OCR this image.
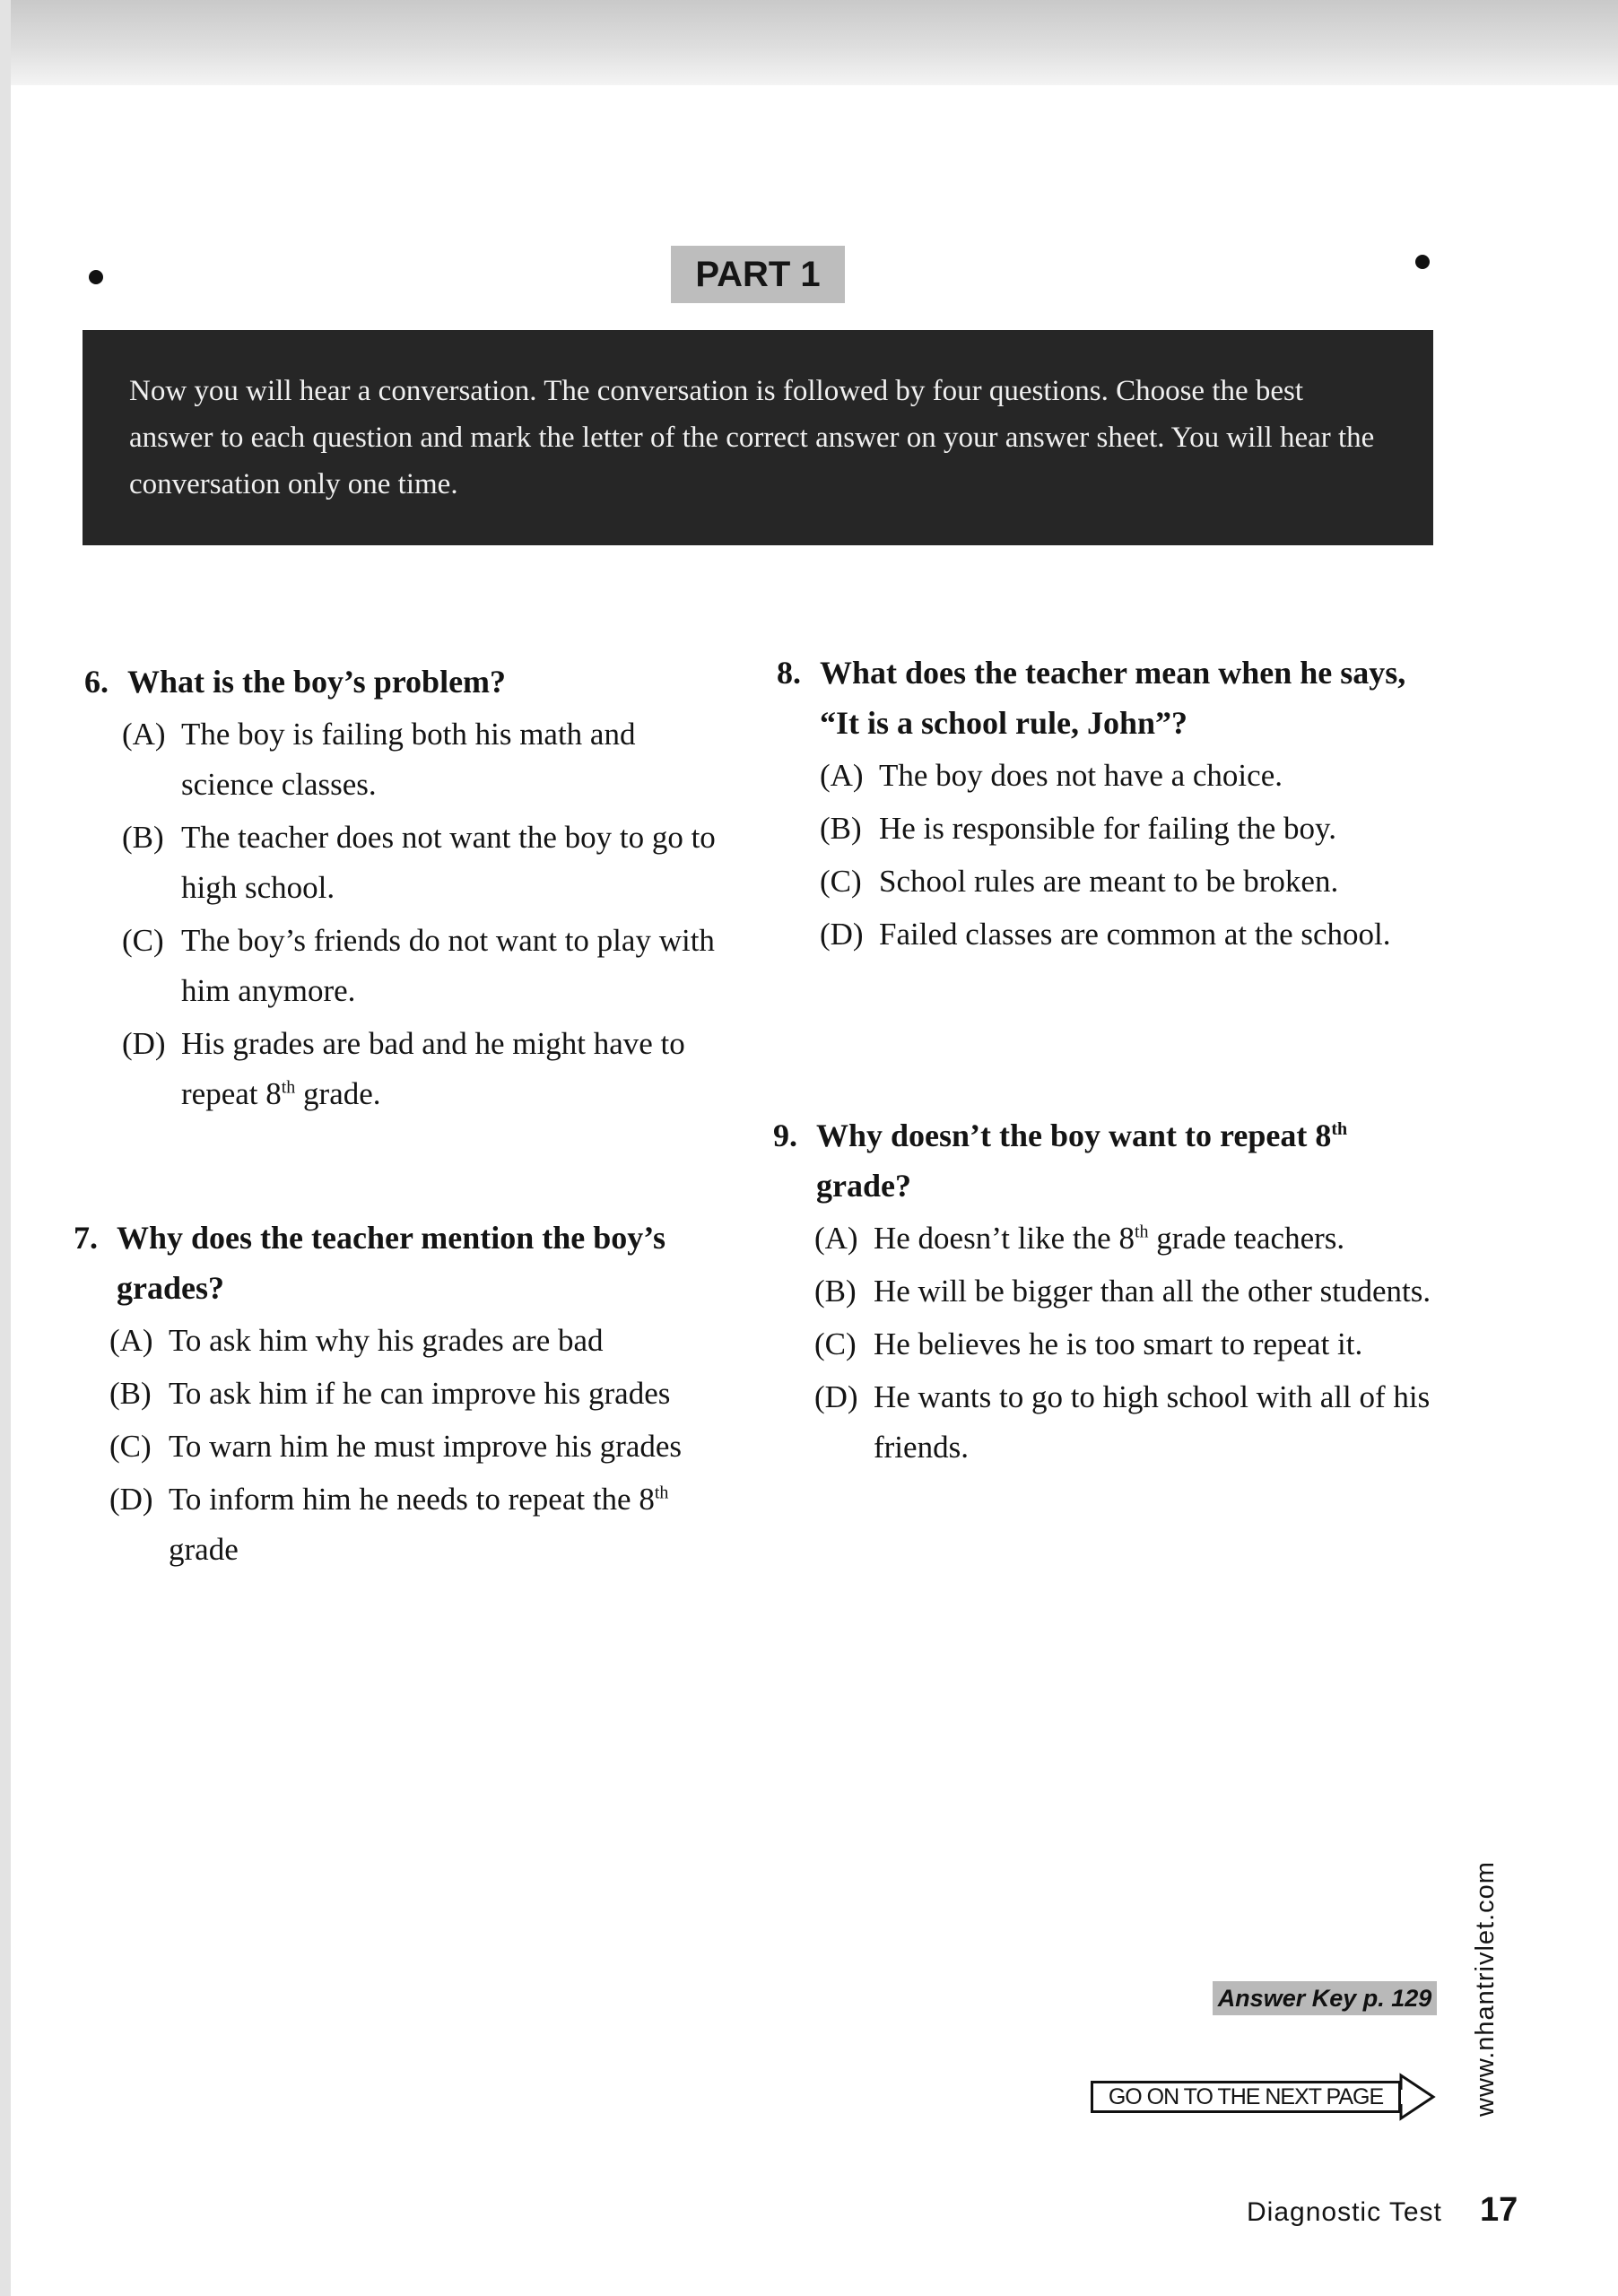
PART 1
Now you will hear a conversation. The conversation is followed by four questions. Choose the best answer to each question and mark the letter of the correct answer on your answer sheet. You will hear the conversation only one time.
6. What is the boy’s problem?
(A) The boy is failing both his math and science classes.
(B) The teacher does not want the boy to go to high school.
(C) The boy’s friends do not want to play with him anymore.
(D) His grades are bad and he might have to repeat 8th grade.
7. Why does the teacher mention the boy’s grades?
(A) To ask him why his grades are bad
(B) To ask him if he can improve his grades
(C) To warn him he must improve his grades
(D) To inform him he needs to repeat the 8th grade
8. What does the teacher mean when he says, “It is a school rule, John”?
(A) The boy does not have a choice.
(B) He is responsible for failing the boy.
(C) School rules are meant to be broken.
(D) Failed classes are common at the school.
9. Why doesn’t the boy want to repeat 8th grade?
(A) He doesn’t like the 8th grade teachers.
(B) He will be bigger than all the other students.
(C) He believes he is too smart to repeat it.
(D) He wants to go to high school with all of his friends.
Answer Key p. 129
GO ON TO THE NEXT PAGE	www.nhantrivlet.com
Diagnostic Test 17
